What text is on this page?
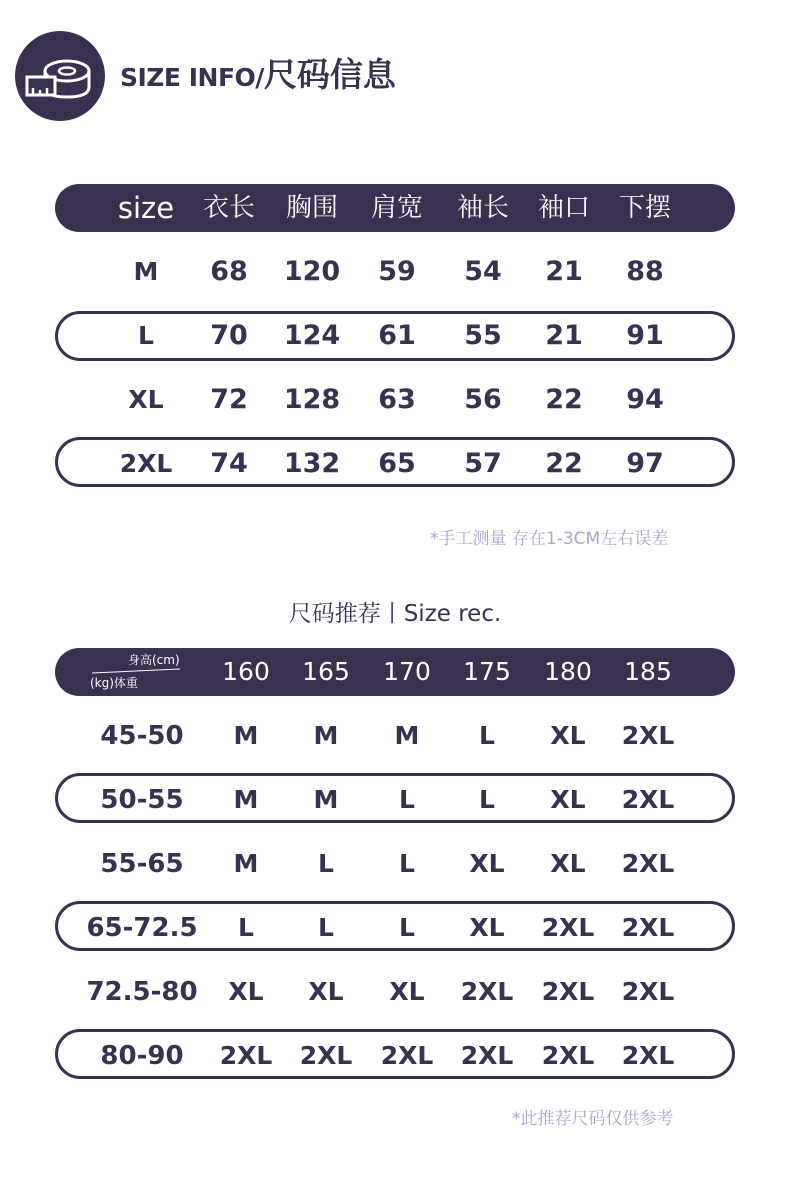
SIZE INFO/尺码信息
size 衣长 胸围 肩宽 袖长 袖口 下摆
M 68 120 59 54 21 88
L 70 124 61 55 21 91
XL 72 128 63 56 22 94
2XL 74 132 65 57 22 97
*手工测量 存在1-3CM左右误差
尺码推荐丨Size rec.
身高(cm)
(kg)体重	160 165 170 175 180 185
45-50 M M M L XL 2XL
50-55 M M L	L XL 2XL
55-65 M L	L XL XL 2XL
65-72.5 L	L	L XL 2XL 2XL
72.5-80 XL XL XL 2XL 2XL 2XL
80-90 2XL 2XL 2XL 2XL 2XL 2XL
*此推荐尺码仅供参考
